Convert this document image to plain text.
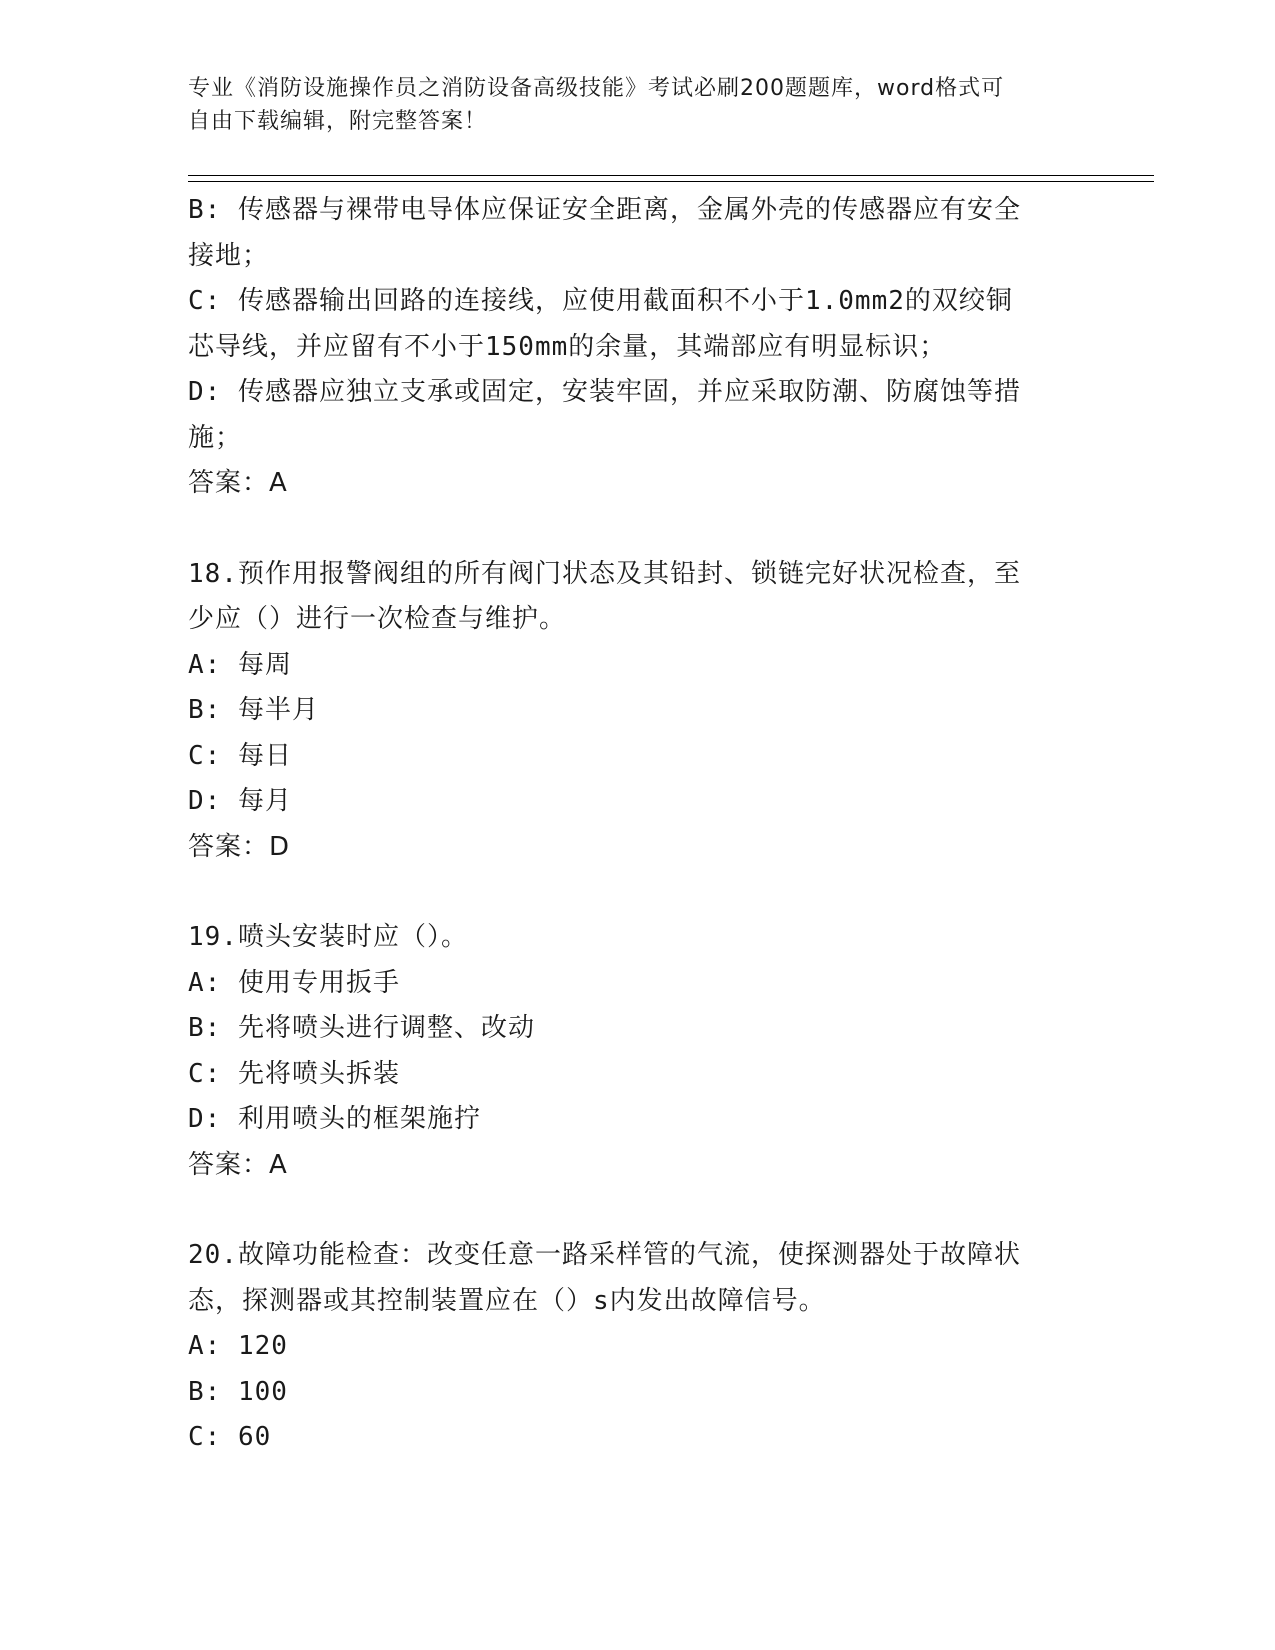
专业《消防设施操作员之消防设备高级技能》考试必刷200题题库，word格式可
自由下载编辑，附完整答案！
B: 传感器与裸带电导体应保证安全距离，金属外壳的传感器应有安全
接地；
C: 传感器输出回路的连接线，应使用截面积不小于1.0mm2的双绞铜
芯导线，并应留有不小于150mm的余量，其端部应有明显标识；
D: 传感器应独立支承或固定，安装牢固，并应采取防潮、防腐蚀等措
施；
答案：A
18.预作用报警阀组的所有阀门状态及其铅封、锁链完好状况检查，至
少应（）进行一次检查与维护。
A: 每周
B: 每半月
C: 每日
D: 每月
答案：D
19.喷头安装时应（）。
A: 使用专用扳手
B: 先将喷头进行调整、改动
C: 先将喷头拆装
D: 利用喷头的框架施拧
答案：A
20.故障功能检查：改变任意一路采样管的气流，使探测器处于故障状
态，探测器或其控制装置应在（）s内发出故障信号。
A: 120
B: 100
C: 60
